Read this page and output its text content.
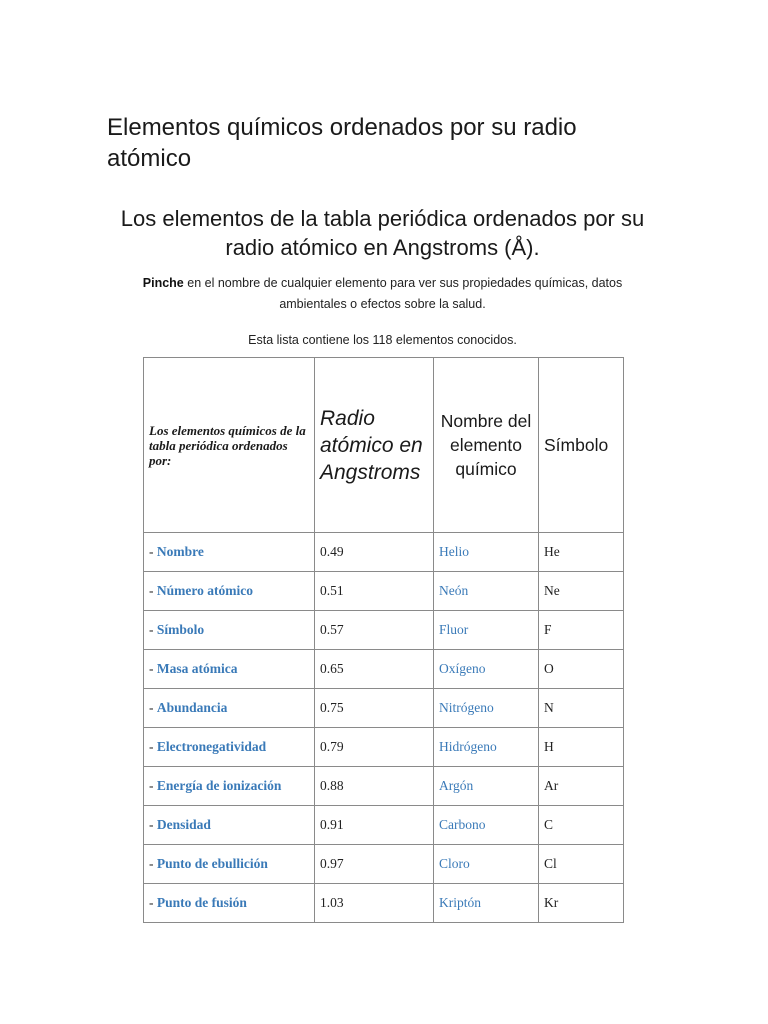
Elementos químicos ordenados por su radio atómico
Los elementos de la tabla periódica ordenados por su radio atómico en Angstroms (Å).
Pinche en el nombre de cualquier elemento para ver sus propiedades químicas, datos ambientales o efectos sobre la salud.
Esta lista contiene los 118 elementos conocidos.
Los elementos químicos de la tabla periódica ordenados por:	Radio atómico en Angstroms	Nombre del elemento químico	Símbolo
- Nombre	0.49	Helio	He
- Número atómico	0.51	Neón	Ne
- Símbolo	0.57	Fluor	F
- Masa atómica	0.65	Oxígeno	O
- Abundancia	0.75	Nitrógeno	N
- Electronegatividad	0.79	Hidrógeno	H
- Energía de ionización	0.88	Argón	Ar
- Densidad	0.91	Carbono	C
- Punto de ebullición	0.97	Cloro	Cl
- Punto de fusión	1.03	Kriptón	Kr
